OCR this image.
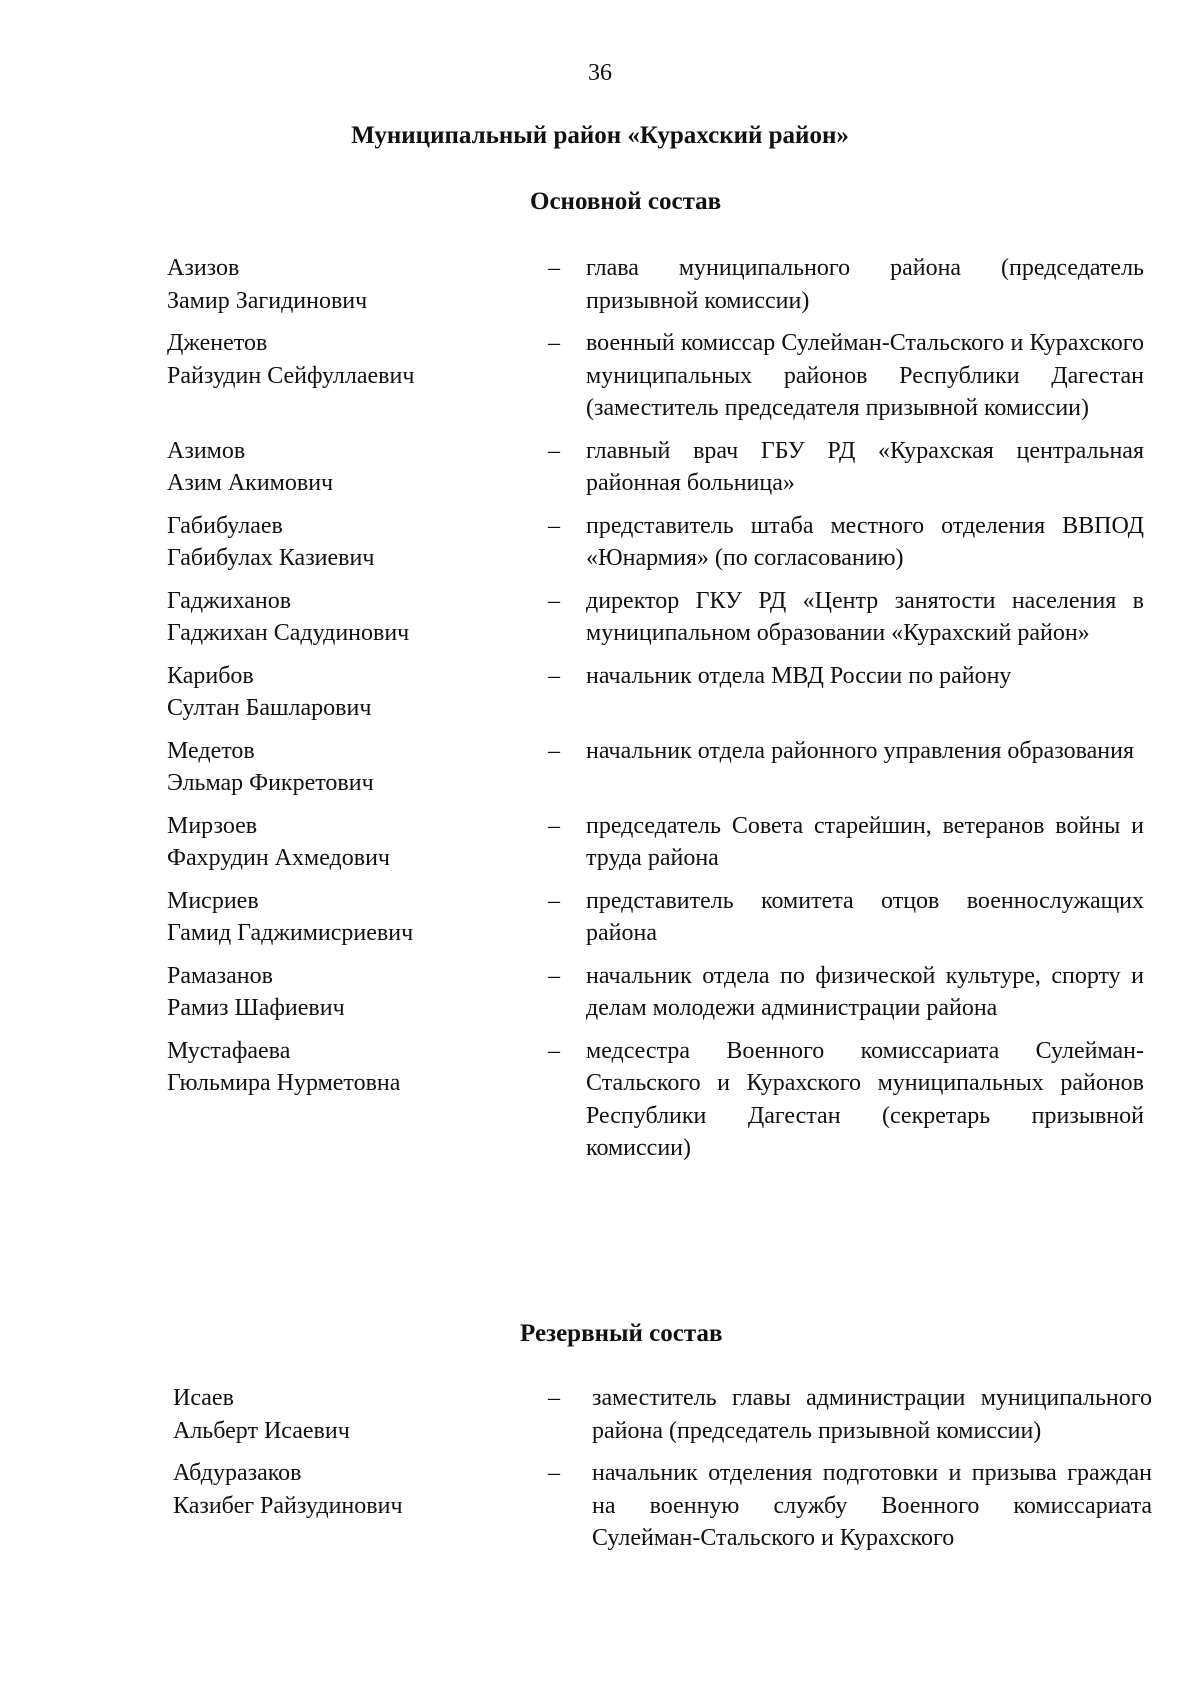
36
Муниципальный район «Курахский район»
Основной состав
Азизов
Замир Загидинович
–	глава муниципального района (председатель призывной комиссии)
Дженетов
Райзудин Сейфуллаевич
–	военный комиссар Сулейман-Стальского и Курахского муниципальных районов Республики Дагестан (заместитель председателя призывной комиссии)
Азимов
Азим Акимович
–	главный врач ГБУ РД «Курахская центральная районная больница»
Габибулаев
Габибулах Казиевич
–	представитель штаба местного отделения ВВПОД «Юнармия» (по согласованию)
Гаджиханов
Гаджихан Садудинович
–	директор ГКУ РД «Центр занятости населения в муниципальном образовании «Курахский район»
Карибов
Султан Башларович
–	начальник отдела МВД России по району
Медетов
Эльмар Фикретович
–	начальник отдела районного управления образования
Мирзоев
Фахрудин Ахмедович
–	председатель Совета старейшин, ветеранов войны и труда района
Мисриев
Гамид Гаджимисриевич
–	представитель комитета отцов военнослужащих района
Рамазанов
Рамиз Шафиевич
–	начальник отдела по физической культуре, спорту и делам молодежи администрации района
Мустафаева
Гюльмира Нурметовна
–	медсестра Военного комиссариата Сулейман-Стальского и Курахского муниципальных районов Республики Дагестан (секретарь призывной комиссии)
Резервный состав
Исаев
Альберт Исаевич
–	заместитель главы администрации муниципального района (председатель призывной комиссии)
Абдуразаков
Казибег Райзудинович
–	начальник отделения подготовки и призыва граждан на военную службу Военного комиссариата Сулейман-Стальского и Курахского
